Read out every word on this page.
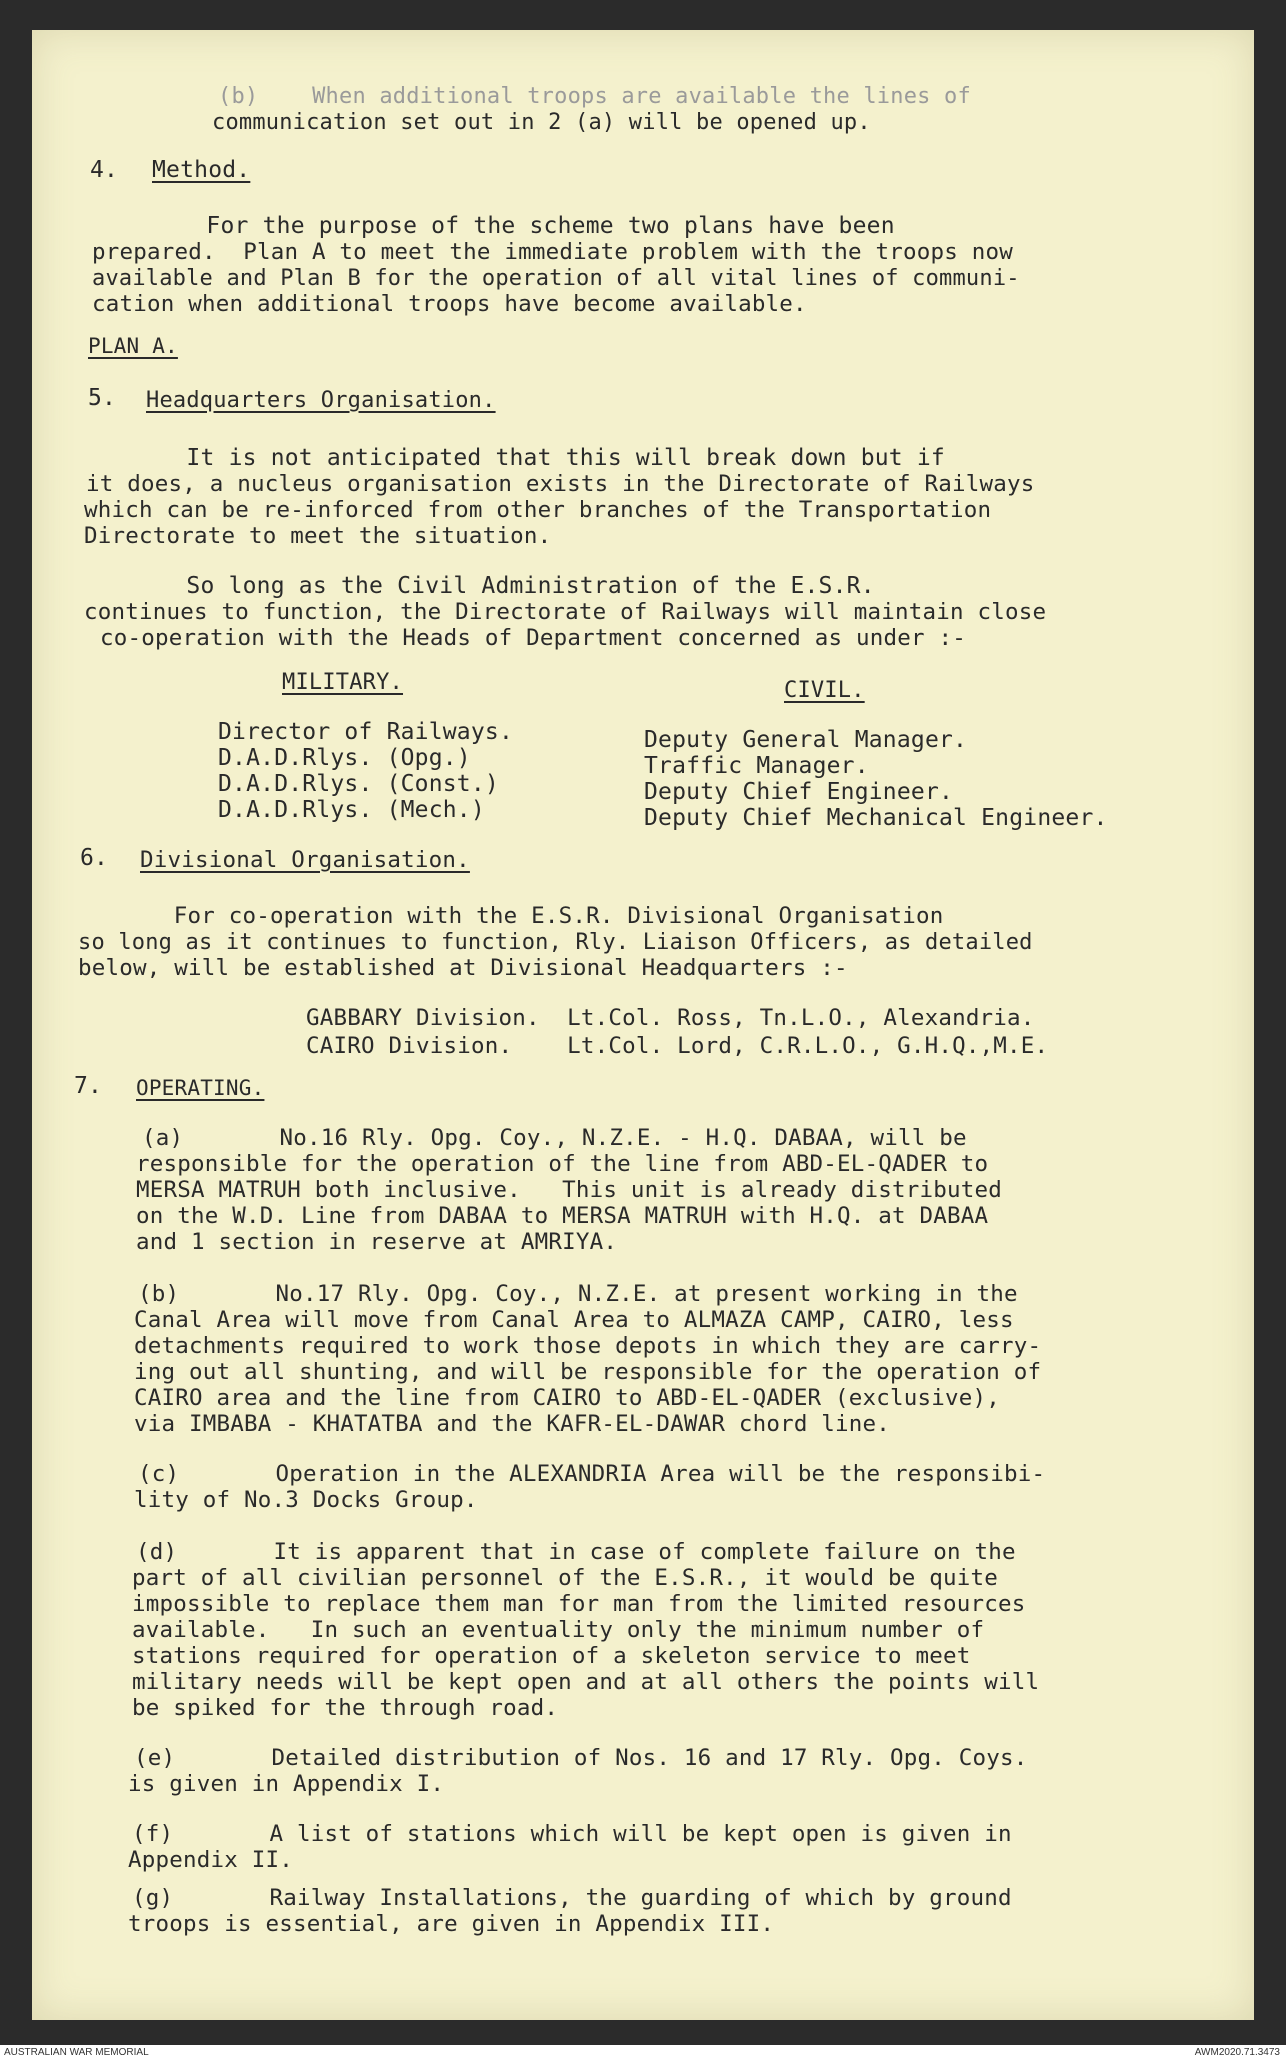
(b)    When additional troops are available the lines of
communication set out in 2 (a) will be opened up.
4. Method.
For the purpose of the scheme two plans have been
prepared.  Plan A to meet the immediate problem with the troops now
available and Plan B for the operation of all vital lines of communi-
cation when additional troops have become available.
PLAN A.
5. Headquarters Organisation.
It is not anticipated that this will break down but if
it does, a nucleus organisation exists in the Directorate of Railways
which can be re-inforced from other branches of the Transportation
Directorate to meet the situation.
So long as the Civil Administration of the E.S.R.
continues to function, the Directorate of Railways will maintain close
co-operation with the Heads of Department concerned as under :-
MILITARY.	CIVIL.
Director of Railways.
D.A.D.Rlys. (Opg.)
D.A.D.Rlys. (Const.)
D.A.D.Rlys. (Mech.)
Deputy General Manager.
Traffic Manager.
Deputy Chief Engineer.
Deputy Chief Mechanical Engineer.
6. Divisional Organisation.
For co-operation with the E.S.R. Divisional Organisation
so long as it continues to function, Rly. Liaison Officers, as detailed
below, will be established at Divisional Headquarters :-
GABBARY Division.  Lt.Col. Ross, Tn.L.O., Alexandria.
CAIRO Division.    Lt.Col. Lord, C.R.L.O., G.H.Q.,M.E.
7. OPERATING.
(a)       No.16 Rly. Opg. Coy., N.Z.E. - H.Q. DABAA, will be
responsible for the operation of the line from ABD-EL-QADER to
MERSA MATRUH both inclusive.   This unit is already distributed
on the W.D. Line from DABAA to MERSA MATRUH with H.Q. at DABAA
and 1 section in reserve at AMRIYA.
(b)       No.17 Rly. Opg. Coy., N.Z.E. at present working in the
Canal Area will move from Canal Area to ALMAZA CAMP, CAIRO, less
detachments required to work those depots in which they are carry-
ing out all shunting, and will be responsible for the operation of
CAIRO area and the line from CAIRO to ABD-EL-QADER (exclusive),
via IMBABA - KHATATBA and the KAFR-EL-DAWAR chord line.
(c)       Operation in the ALEXANDRIA Area will be the responsibi-
lity of No.3 Docks Group.
(d)       It is apparent that in case of complete failure on the
part of all civilian personnel of the E.S.R., it would be quite
impossible to replace them man for man from the limited resources
available.   In such an eventuality only the minimum number of
stations required for operation of a skeleton service to meet
military needs will be kept open and at all others the points will
be spiked for the through road.
(e)       Detailed distribution of Nos. 16 and 17 Rly. Opg. Coys.
is given in Appendix I.
(f)       A list of stations which will be kept open is given in
Appendix II.
(g)       Railway Installations, the guarding of which by ground
troops is essential, are given in Appendix III.
AUSTRALIAN WAR MEMORIAL	AWM2020.71.3473
